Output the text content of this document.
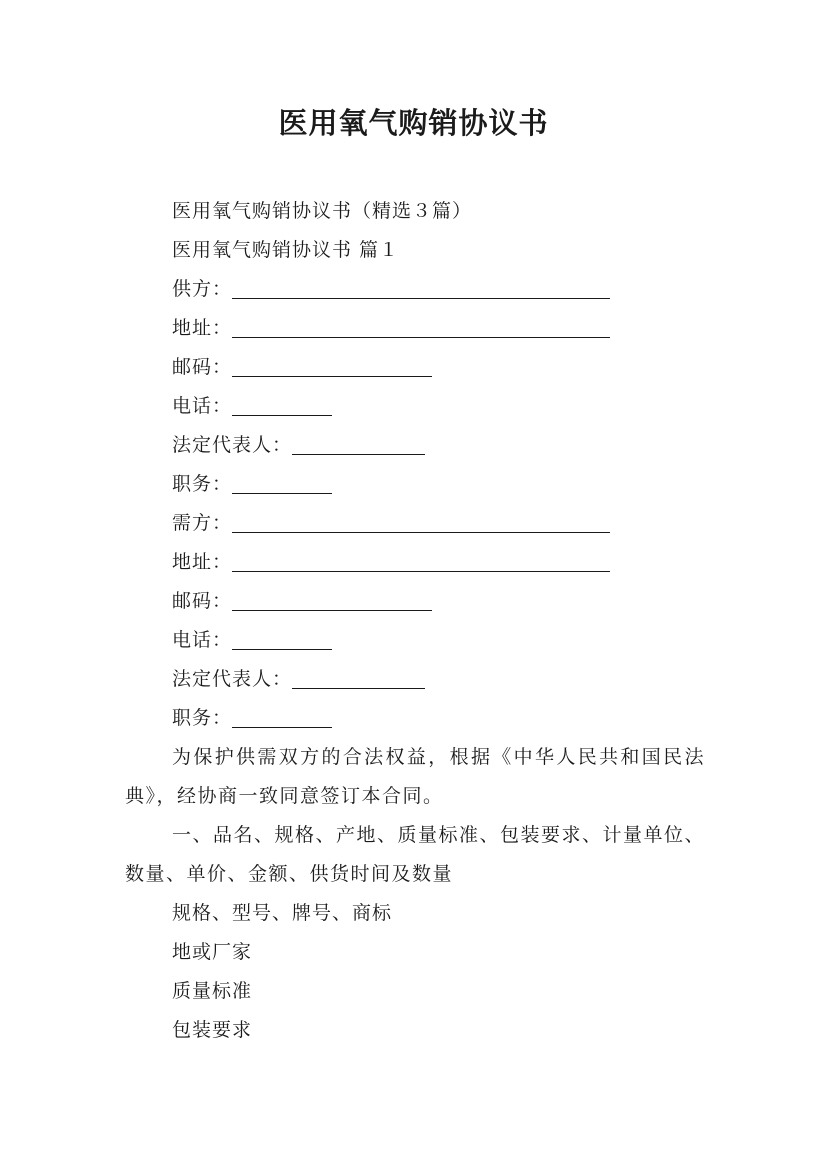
医用氧气购销协议书
医用氧气购销协议书（精选３篇）
医用氧气购销协议书 篇１
供方：
地址：
邮码：
电话：
法定代表人：
职务：
需方：
地址：
邮码：
电话：
法定代表人：
职务：
为保护供需双方的合法权益，根据《中华人民共和国民法典》，经协商一致同意签订本合同。
一、品名、规格、产地、质量标准、包装要求、计量单位、数量、单价、金额、供货时间及数量
规格、型号、牌号、商标
地或厂家
质量标准
包装要求
